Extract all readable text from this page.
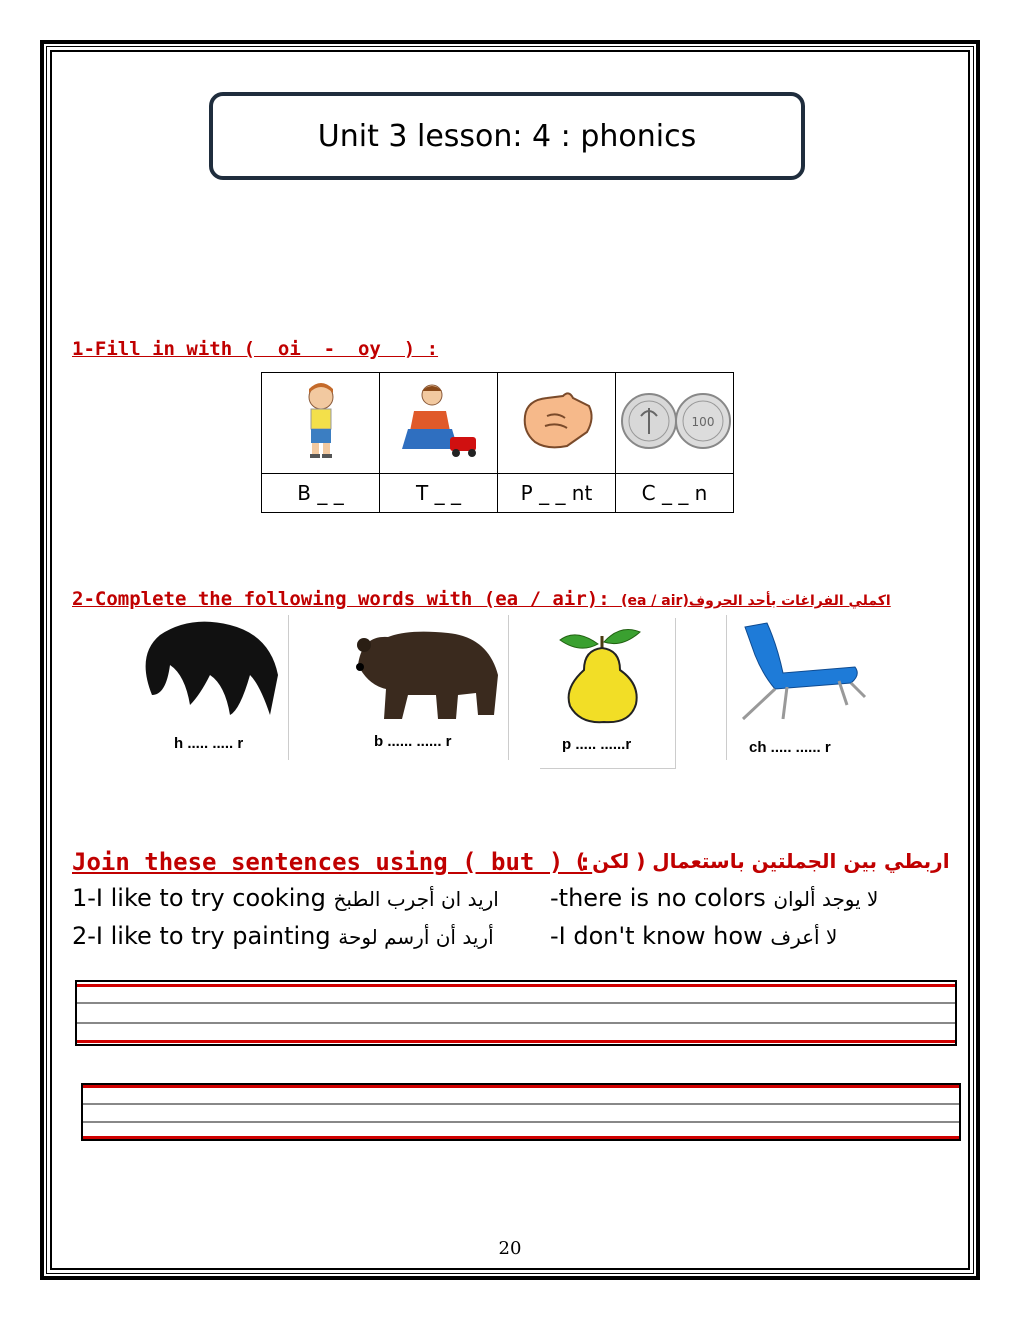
Unit 3 lesson: 4 : phonics
1-Fill in with (  oi  -  oy  ) :

100

B _ _	T _ _	P _ _ nt	C _ _ n
2-Complete the following words with (ea / air): (ea / air)اكملي الفراغات بأحد الحروف
h ..... ..... r	b ...... ...... r	p ..... ......r	ch ..... ...... r
Join these sentences using ( but ) :
اربطي بين الجملتين باستعمال ( لكن )
1-I like to try cooking اريد ان أجرب الطبخ -there is no colors لا يوجد ألوان
2-I like to try painting أريد أن أرسم لوحة -I don't know how لا أعرف
20
